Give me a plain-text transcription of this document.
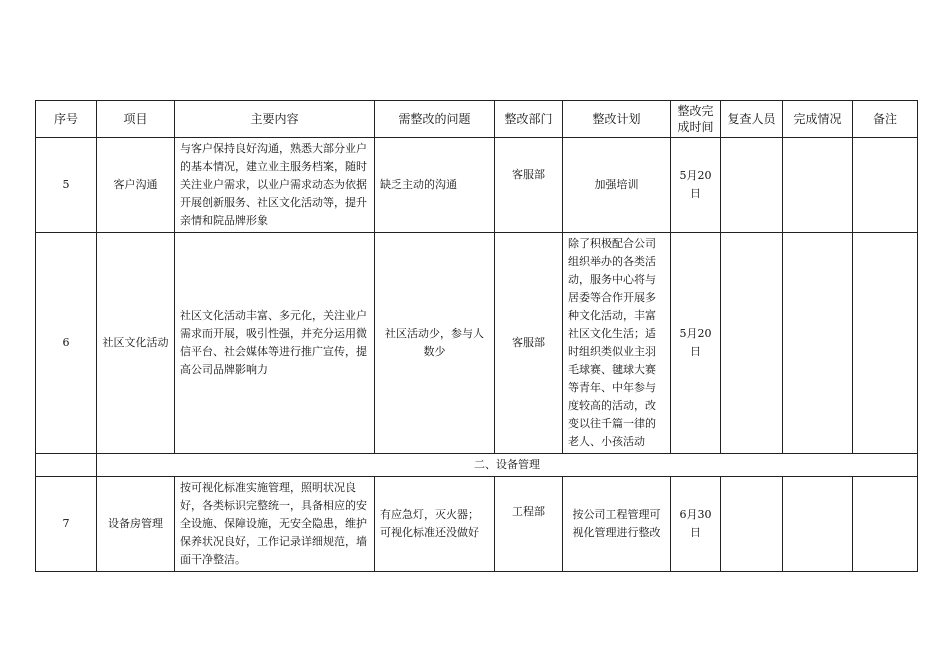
序号	项目	主要内容	需整改的问题	整改部门	整改计划	整改完成时间	复查人员	完成情况	备注
5	客户沟通	与客户保持良好沟通，熟悉大部分业户的基本情况，建立业主服务档案，随时关注业户需求，以业户需求动态为依据开展创新服务、社区文化活动等，提升亲情和院品牌形象	缺乏主动的沟通	客服部	加强培训	5月20日			
6	社区文化活动	社区文化活动丰富、多元化，关注业户需求而开展，吸引性强，并充分运用微信平台、社会媒体等进行推广宣传，提高公司品牌影响力	社区活动少，参与人数少	客服部	除了积极配合公司组织举办的各类活动，服务中心将与居委等合作开展多种文化活动，丰富社区文化生活；适时组织类似业主羽毛球赛、毽球大赛等青年、中年参与度较高的活动，改变以往千篇一律的老人、小孩活动	5月20日			
	二、设备管理								
7	设备房管理	按可视化标准实施管理，照明状况良好，各类标识完整统一，具备相应的安全设施、保障设施，无安全隐患，维护保养状况良好，工作记录详细规范，墙面干净整洁。	有应急灯，灭火器；可视化标准还没做好	工程部	按公司工程管理可视化管理进行整改	6月30日			
